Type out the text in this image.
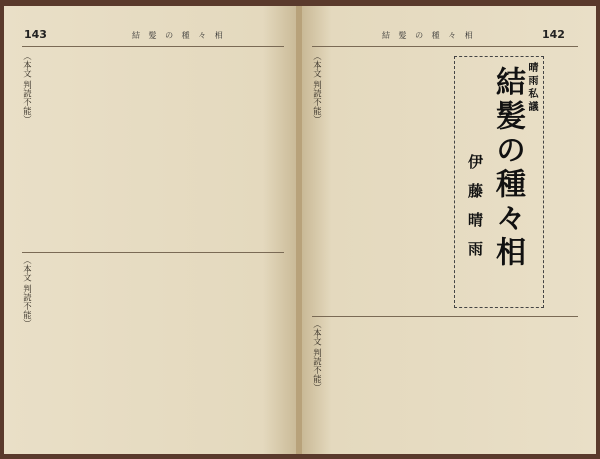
143	結 髪 の 種 々 相
（本文 判読不能）
（本文 判読不能）
結 髪 の 種 々 相	142
（本文 判読不能）
（本文 判読不能）
晴雨私議
結髪の種々相
伊藤晴雨
